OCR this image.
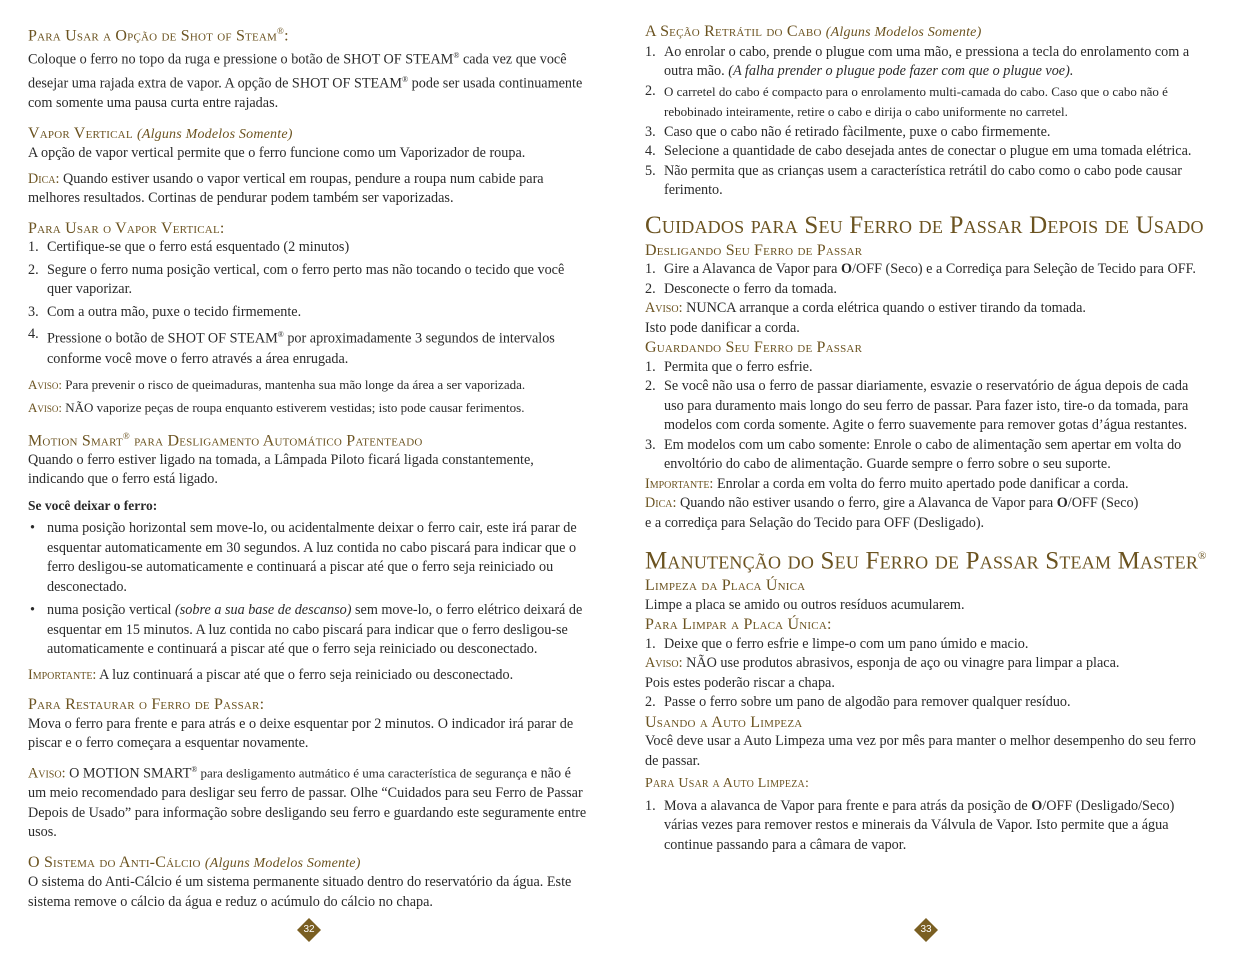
Para Usar a Opção de Shot of Steam®:

Coloque o ferro no topo da ruga e pressione o botão de SHOT OF STEAM® cada vez que você desejar uma rajada extra de vapor. A opção de SHOT OF STEAM® pode ser usada continuamente com somente uma pausa curta entre rajadas.

Vapor Vertical (Alguns Modelos Somente)

A opção de vapor vertical permite que o ferro funcione como um Vaporizador de roupa.

Dica: Quando estiver usando o vapor vertical em roupas, pendure a roupa num cabide para melhores resultados. Cortinas de pendurar podem também ser vaporizadas.

Para Usar o Vapor Vertical:

1. Certifique-se que o ferro está esquentado (2 minutos)
2. Segure o ferro numa posição vertical, com o ferro perto mas não tocando o tecido que você quer vaporizar.
3. Com a outra mão, puxe o tecido firmemente.
4. Pressione o botão de SHOT OF STEAM® por aproximadamente 3 segundos de intervalos conforme você move o ferro através a área enrugada.

Aviso: Para prevenir o risco de queimaduras, mantenha sua mão longe da área a ser vaporizada.

Aviso: NÃO vaporize peças de roupa enquanto estiverem vestidas; isto pode causar ferimentos.

Motion Smart® para Desligamento Automático Patenteado

Quando o ferro estiver ligado na tomada, a Lâmpada Piloto ficará ligada constantemente, indicando que o ferro está ligado.

Se você deixar o ferro:

• numa posição horizontal sem move-lo, ou acidentalmente deixar o ferro cair, este irá parar de esquentar automaticamente em 30 segundos. A luz contida no cabo piscará para indicar que o ferro desligou-se automaticamente e continuará a piscar até que o ferro seja reiniciado ou desconectado.
• numa posição vertical (sobre a sua base de descanso) sem move-lo, o ferro elétrico deixará de esquentar em 15 minutos. A luz contida no cabo piscará para indicar que o ferro desligou-se automaticamente e continuará a piscar até que o ferro seja reiniciado ou desconectado.

Importante: A luz continuará a piscar até que o ferro seja reiniciado ou desconectado.

Para Restaurar o Ferro de Passar:

Mova o ferro para frente e para atrás e o deixe esquentar por 2 minutos. O indicador irá parar de piscar e o ferro começara a esquentar novamente.

Aviso: O MOTION SMART® para desligamento autmático é uma característica de segurança e não é um meio recomendado para desligar seu ferro de passar. Olhe “Cuidados para seu Ferro de Passar Depois de Usado” para informação sobre desligando seu ferro e guardando este seguramente entre usos.

O Sistema do Anti-Cálcio (Alguns Modelos Somente)

O sistema do Anti-Cálcio é um sistema permanente situado dentro do reservatório da água. Este sistema remove o cálcio da água e reduz o acúmulo do cálcio no chapa.

A Seção Retrátil do Cabo (Alguns Modelos Somente)

1. Ao enrolar o cabo, prende o plugue com uma mão, e pressiona a tecla do enrolamento com a outra mão. (A falha prender o plugue pode fazer com que o plugue voe).
2. O carretel do cabo é compacto para o enrolamento multi-camada do cabo. Caso que o cabo não é rebobinado inteiramente, retire o cabo e dirija o cabo uniformente no carretel.
3. Caso que o cabo não é retirado fàcilmente, puxe o cabo firmemente.
4. Selecione a quantidade de cabo desejada antes de conectar o plugue em uma tomada elétrica.
5. Não permita que as crianças usem a característica retrátil do cabo como o cabo pode causar ferimento.

Cuidados para Seu Ferro de Passar Depois de Usado

Desligando Seu Ferro de Passar

1. Gire a Alavanca de Vapor para O/OFF (Seco) e a Corrediça para Seleção de Tecido para OFF.
2. Desconecte o ferro da tomada.

Aviso: NUNCA arranque a corda elétrica quando o estiver tirando da tomada.
Isto pode danificar a corda.

Guardando Seu Ferro de Passar

1. Permita que o ferro esfrie.
2. Se você não usa o ferro de passar diariamente, esvazie o reservatório de água depois de cada uso para duramento mais longo do seu ferro de passar. Para fazer isto, tire-o da tomada, para modelos com corda somente. Agite o ferro suavemente para remover gotas d’água restantes.
3. Em modelos com um cabo somente: Enrole o cabo de alimentação sem apertar em volta do envoltório do cabo de alimentação. Guarde sempre o ferro sobre o seu suporte.

Importante: Enrolar a corda em volta do ferro muito apertado pode danificar a corda.

Dica: Quando não estiver usando o ferro, gire a Alavanca de Vapor para O/OFF (Seco)
e a corrediça para Selação do Tecido para OFF (Desligado).

Manutenção do Seu Ferro de Passar Steam Master®

Limpeza da Placa Única

Limpe a placa se amido ou outros resíduos acumularem.

Para Limpar a Placa Única:

1. Deixe que o ferro esfrie e limpe-o com um pano úmido e macio.

Aviso: NÃO use produtos abrasivos, esponja de aço ou vinagre para limpar a placa.
Pois estes poderão riscar a chapa.

2. Passe o ferro sobre um pano de algodão para remover qualquer resíduo.

Usando a Auto Limpeza

Você deve usar a Auto Limpeza uma vez por mês para manter o melhor desempenho do seu ferro de passar.

Para Usar a Auto Limpeza:

1. Mova a alavanca de Vapor para frente e para atrás da posição de O/OFF (Desligado/Seco) várias vezes para remover restos e minerais da Válvula de Vapor. Isto permite que a água continue passando para a câmara de vapor.
32	33
